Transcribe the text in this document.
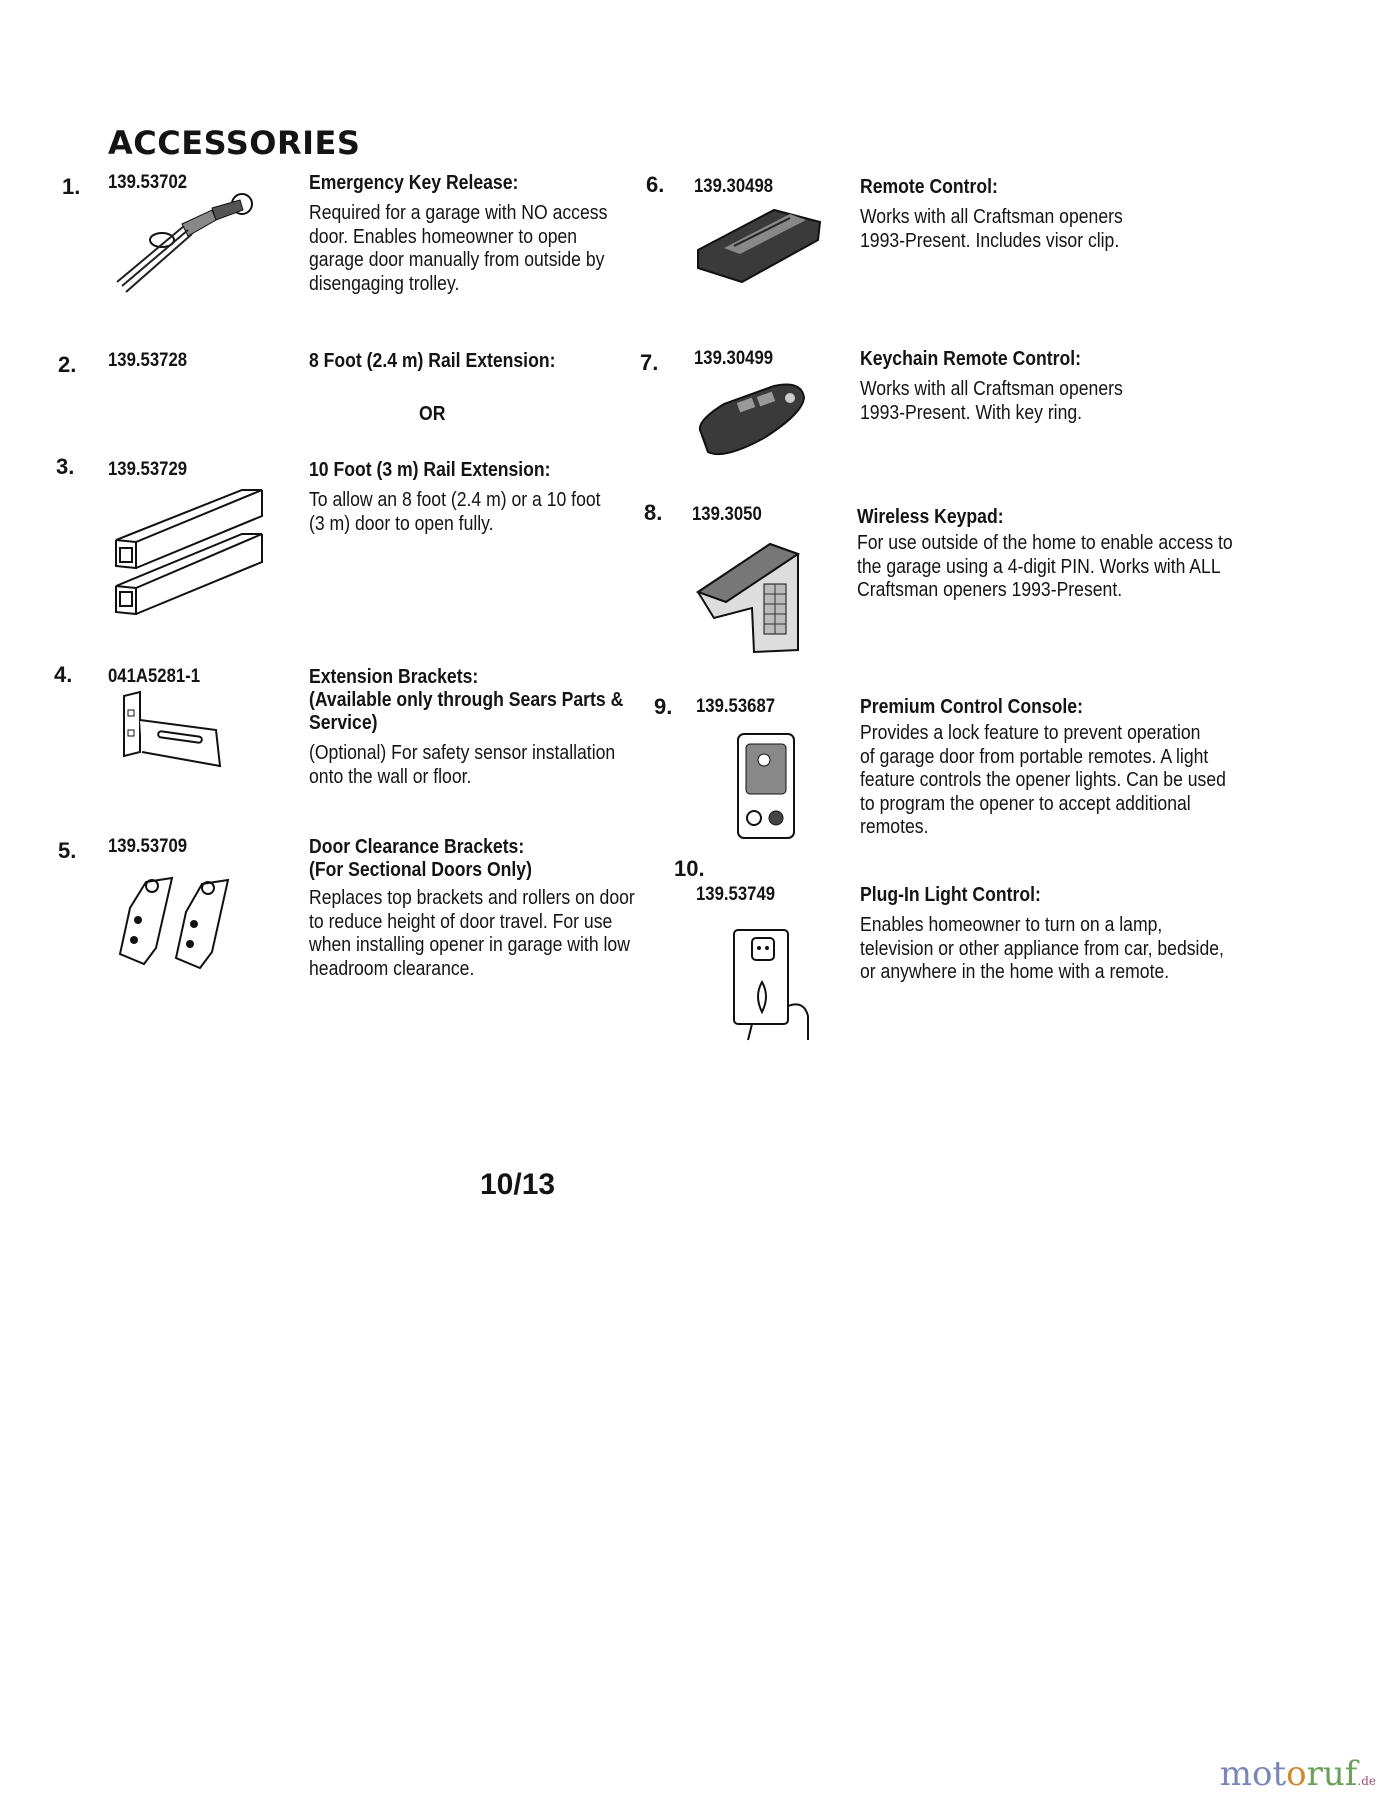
ACCESSORIES
1. 139.53702	Emergency Key Release:
Required for a garage with NO access
door. Enables homeowner to open
garage door manually from outside by
disengaging trolley.
2. 139.53728	8 Foot (2.4 m) Rail Extension:
OR
3. 139.53729	10 Foot (3 m) Rail Extension:
To allow an 8 foot (2.4 m) or a 10 foot
(3 m) door to open fully.
4. 041A5281-1	Extension Brackets:
(Available only through Sears Parts &
Service)
(Optional) For safety sensor installation
onto the wall or floor.
5. 139.53709	Door Clearance Brackets:
(For Sectional Doors Only)
Replaces top brackets and rollers on door
to reduce height of door travel. For use
when installing opener in garage with low
headroom clearance.
6. 139.30498	Remote Control:
Works with all Craftsman openers
1993-Present. Includes visor clip.
7. 139.30499	Keychain Remote Control:
Works with all Craftsman openers
1993-Present. With key ring.
8. 139.3050	Wireless Keypad:
For use outside of the home to enable access to
the garage using a 4-digit PIN. Works with ALL
Craftsman openers 1993-Present.
9. 139.53687	Premium Control Console:
Provides a lock feature to prevent operation
of garage door from portable remotes. A light
feature controls the opener lights. Can be used
to program the opener to accept additional
remotes.
10.
139.53749	Plug-In Light Control:
Enables homeowner to turn on a lamp,
television or other appliance from car, bedside,
or anywhere in the home with a remote.
10/13
motoruf.de
